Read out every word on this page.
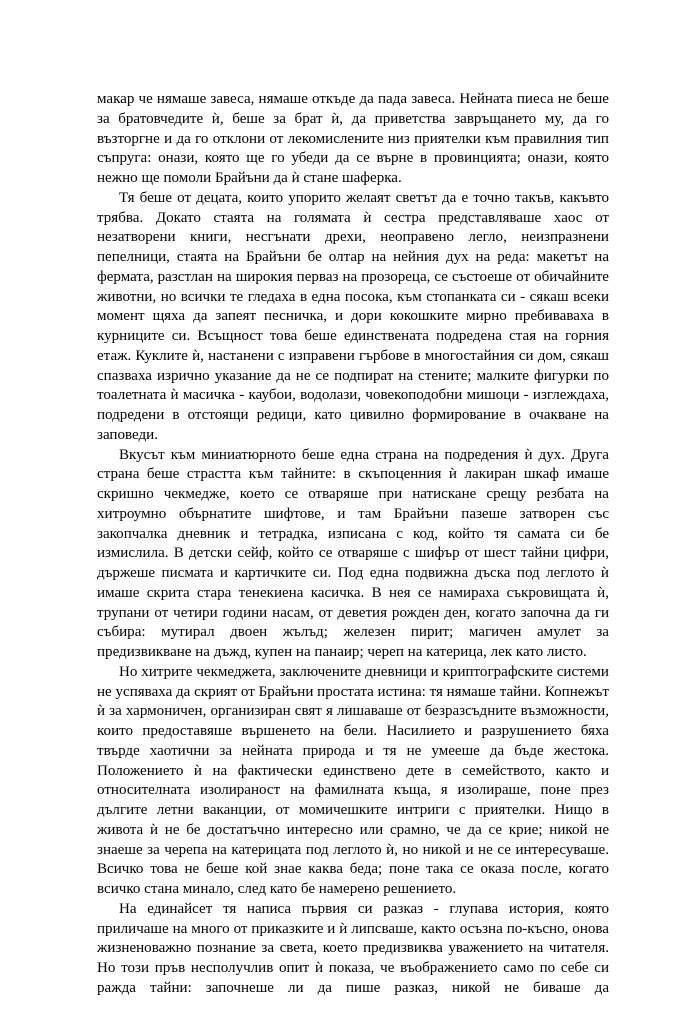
макар че нямаше завеса, нямаше откъде да пада завеса. Нейната пиеса не беше за братовчедите ѝ, беше за брат ѝ, да приветства завръщането му, да го възторгне и да го отклони от лекомислените низ приятелки към правилния тип съпруга: онази, която ще го убеди да се върне в провинцията; онази, която нежно ще помоли Брайъни да ѝ стане шаферка.

Тя беше от децата, които упорито желаят светът да е точно такъв, какъвто трябва. Докато стаята на голямата ѝ сестра представляваше хаос от незатворени книги, несгънати дрехи, неоправено легло, неизпразнени пепелници, стаята на Брайъни бе олтар на нейния дух на реда: макетът на фермата, разстлан на широкия перваз на прозореца, се състоеше от обичайните животни, но всички те гледаха в една посока, към стопанката си - сякаш всеки момент щяха да запеят песничка, и дори кокошките мирно пребиваваха в курниците си. Всъщност това беше единствената подредена стая на горния етаж. Куклите ѝ, настанени с изправени гърбове в многостайния си дом, сякаш спазваха изрично указание да не се подпират на стените; малките фигурки по тоалетната ѝ масичка - каубои, водолази, човекоподобни мишоци - изглеждаха, подредени в отстоящи редици, като цивилно формирование в очакване на заповеди.

Вкусът към миниатюрното беше една страна на подредения ѝ дух. Друга страна беше страстта към тайните: в скъпоценния ѝ лакиран шкаф имаше скришно чекмедже, което се отваряше при натискане срещу резбата на хитроумно обърнатите шифтове, и там Брайъни пазеше затворен със закопчалка дневник и тетрадка, изписана с код, който тя самата си бе измислила. В детски сейф, който се отваряше с шифър от шест тайни цифри, държеше писмата и картичките си. Под една подвижна дъска под леглото ѝ имаше скрита стара тенекиена касичка. В нея се намираха съкровищата ѝ, трупани от четири години насам, от деветия рожден ден, когато започна да ги събира: мутирал двоен жълъд; железен пирит; магичен амулет за предизвикване на дъжд, купен на панаир; череп на катерица, лек като листо.

Но хитрите чекмеджета, заключените дневници и криптографските системи не успяваха да скрият от Брайъни простата истина: тя нямаше тайни. Копнежът ѝ за хармоничен, организиран свят я лишаваше от безразсъдните възможности, които предоставяше вършенето на бели. Насилието и разрушението бяха твърде хаотични за нейната природа и тя не умееше да бъде жестока. Положението ѝ на фактически единствено дете в семейството, както и относителната изолираност на фамилната къща, я изолираше, поне през дългите летни ваканции, от момичешките интриги с приятелки. Нищо в живота ѝ не бе достатъчно интересно или срамно, че да се крие; никой не знаеше за черепа на катерицата под леглото ѝ, но никой и не се интересуваше. Всичко това не беше кой знае каква беда; поне така се оказа после, когато всичко стана минало, след като бе намерено решението.

На единайсет тя написа първия си разказ - глупава история, която приличаше на много от приказките и ѝ липсваше, както осъзна по-късно, онова жизненоважно познание за света, което предизвиква уважението на читателя. Но този пръв несполучлив опит ѝ показа, че въображението само по себе си ражда тайни: започнеше ли да пише разказ, никой не биваше да
